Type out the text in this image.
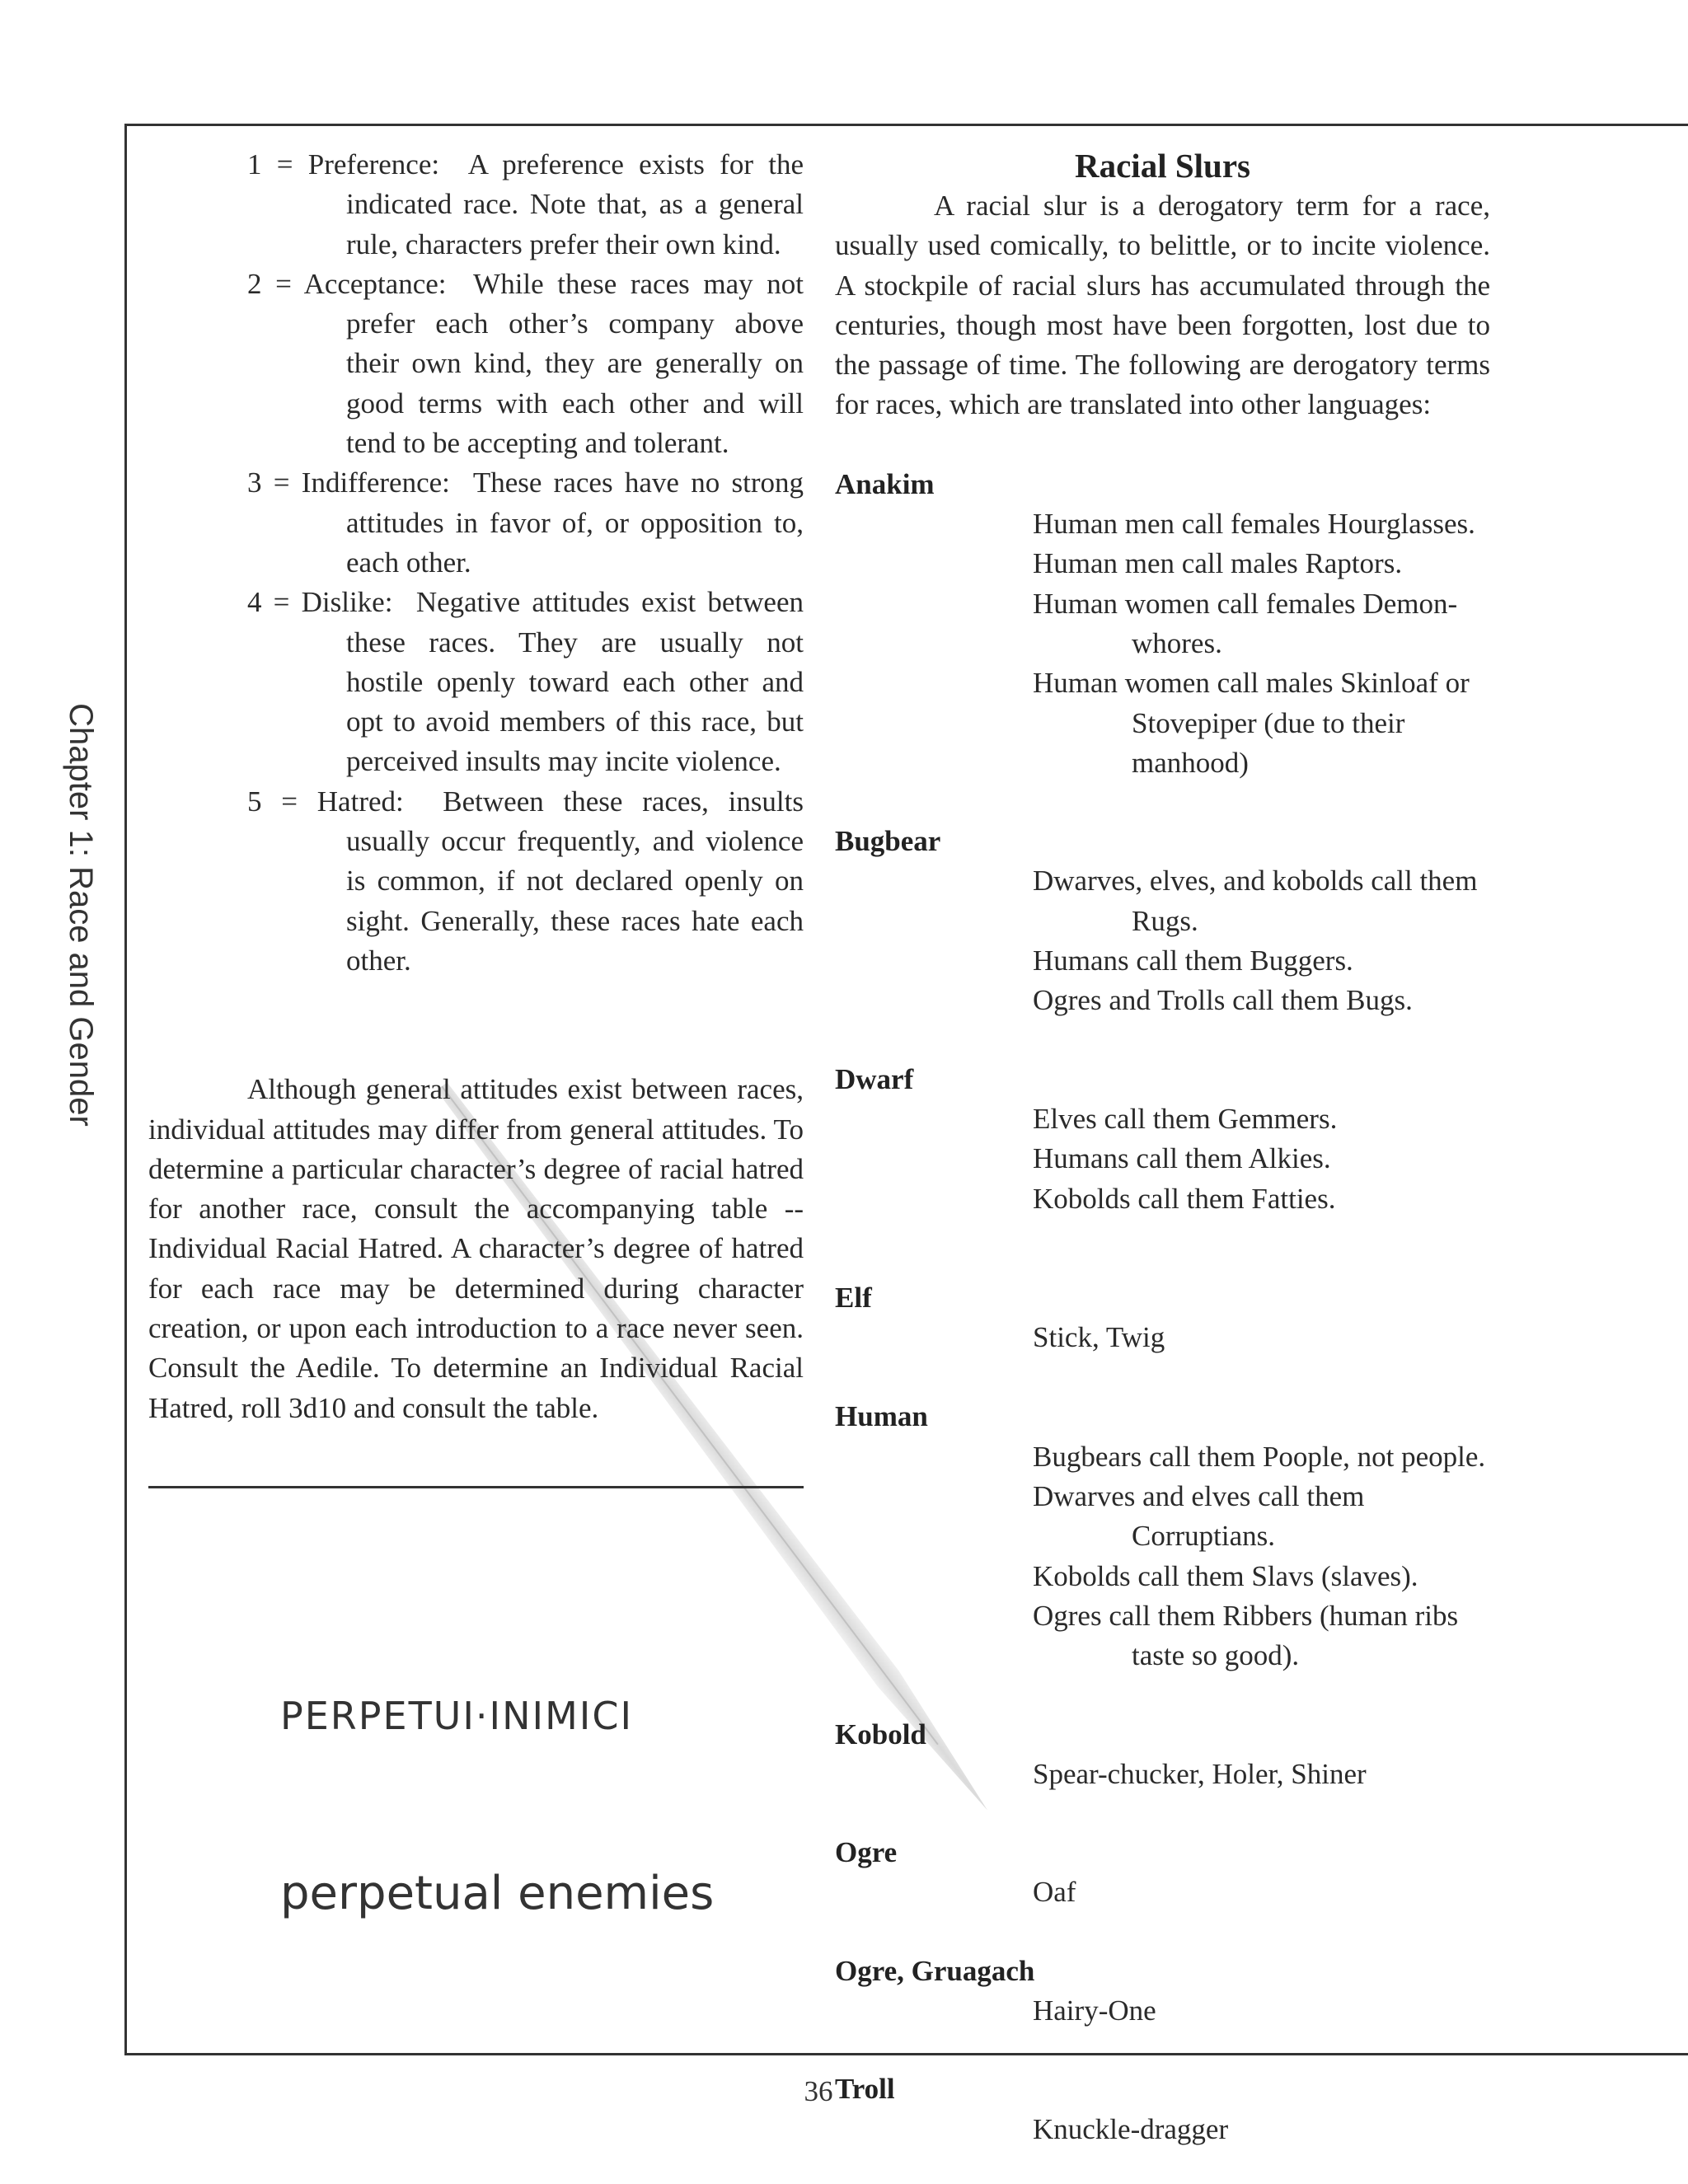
Chapter 1: Race and Gender

1 = Preference: A preference exists for the indicated race. Note that, as a general rule, characters prefer their own kind.
2 = Acceptance: While these races may not prefer each other’s company above their own kind, they are generally on good terms with each other and will tend to be accepting and tolerant.
3 = Indifference: These races have no strong attitudes in favor of, or opposition to, each other.
4 = Dislike: Negative attitudes exist between these races. They are usually not hostile openly toward each other and opt to avoid members of this race, but perceived insults may incite violence.
5 = Hatred: Between these races, insults usually occur frequently, and violence is common, if not declared openly on sight. Generally, these races hate each other.

Although general attitudes exist between races, individual attitudes may differ from general attitudes. To determine a particular character’s degree of racial hatred for another race, consult the accompanying table -- Individual Racial Hatred. A character’s degree of hatred for each race may be determined during character creation, or upon each introduction to a race never seen. Consult the Aedile. To determine an Individual Racial Hatred, roll 3d10 and consult the table.

PERPETUI·INIMICI

perpetual enemies

Racial Slurs

A racial slur is a derogatory term for a race, usually used comically, to belittle, or to incite violence. A stockpile of racial slurs has accumulated through the centuries, though most have been forgotten, lost due to the passage of time. The following are derogatory terms for races, which are translated into other languages:

Anakim

Human men call females Hourglasses.
Human men call males Raptors.
Human women call females Demon-whores.
Human women call males Skinloaf or Stovepiper (due to their manhood)

Bugbear

Dwarves, elves, and kobolds call them Rugs.
Humans call them Buggers.
Ogres and Trolls call them Bugs.

Dwarf

Elves call them Gemmers.
Humans call them Alkies.
Kobolds call them Fatties.

Elf

Stick, Twig

Human

Bugbears call them Poople, not people.
Dwarves and elves call them Corruptians.
Kobolds call them Slavs (slaves).
Ogres call them Ribbers (human ribs taste so good).

Kobold

Spear-chucker, Holer, Shiner

Ogre

Oaf

Ogre, Gruagach

Hairy-One

Troll

Knuckle-dragger

36
